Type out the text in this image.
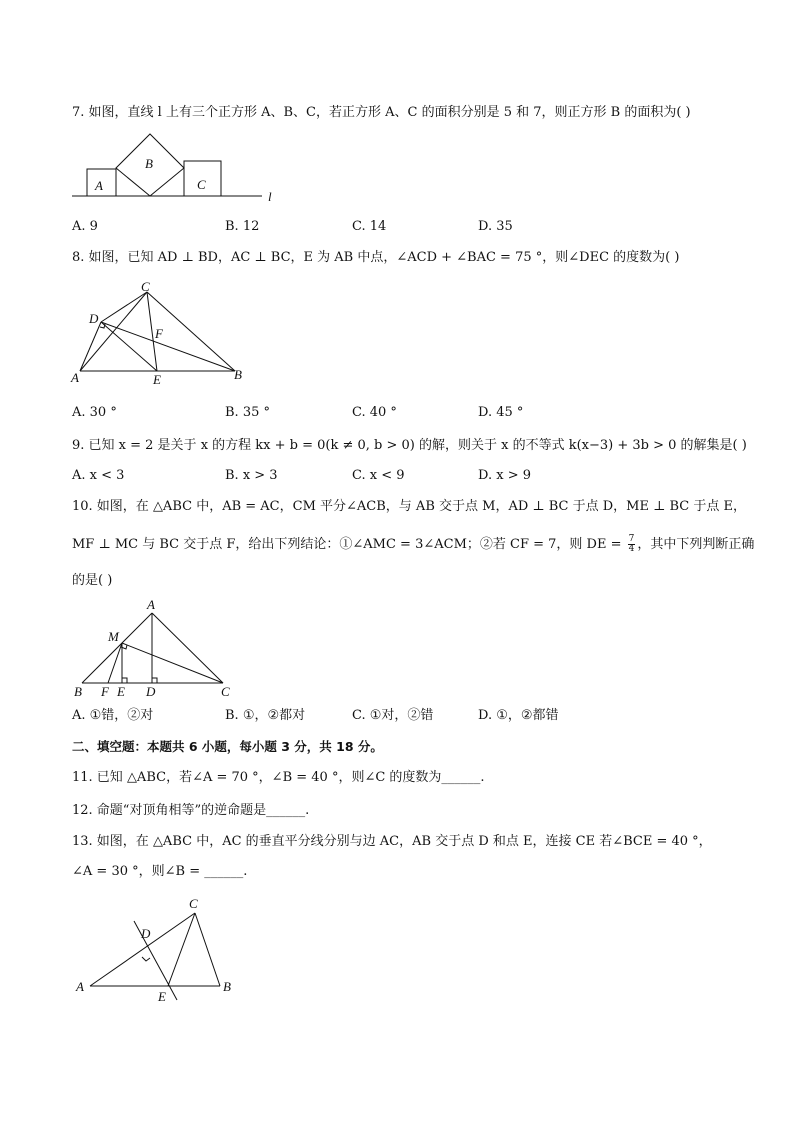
7. 如图，直线 l 上有三个正方形 A、B、C，若正方形 A、C 的面积分别是 5 和 7，则正方形 B 的面积为( )
A
B
C
l
A. 9	B. 12	C. 14	D. 35
8. 如图，已知 AD ⊥ BD，AC ⊥ BC，E 为 AB 中点，∠ACD + ∠BAC = 75 °，则∠DEC 的度数为( )
C
D
F
A	E	B
A. 30 °	B. 35 °	C. 40 °	D. 45 °
9. 已知 x = 2 是关于 x 的方程 kx + b = 0(k ≠ 0, b > 0) 的解，则关于 x 的不等式 k(x−3) + 3b > 0 的解集是( )
A. x < 3	B. x > 3	C. x < 9	D. x > 9
10. 如图，在 △ABC 中，AB = AC，CM 平分∠ACB，与 AB 交于点 M，AD ⊥ BC 于点 D，ME ⊥ BC 于点 E，
MF ⊥ MC 与 BC 交于点 F，给出下列结论：①∠AMC = 3∠ACM；②若 CF = 7，则 DE = $\frac{7}{4}$ ，其中下列判断正确
的是( )
A
M
B F E D	C
A. ①错，②对	B. ①，②都对	C. ①对，②错	D. ①，②都错
二、填空题：本题共 6 小题，每小题 3 分，共 18 分。
11. 已知 △ABC，若∠A = 70 °，∠B = 40 °，则∠C 的度数为______.
12. 命题“对顶角相等”的逆命题是______.
13. 如图，在 △ABC 中，AC 的垂直平分线分别与边 AC，AB 交于点 D 和点 E，连接 CE 若∠BCE = 40 °，
∠A = 30 °，则∠B = ______.
C
D
A
E
B
